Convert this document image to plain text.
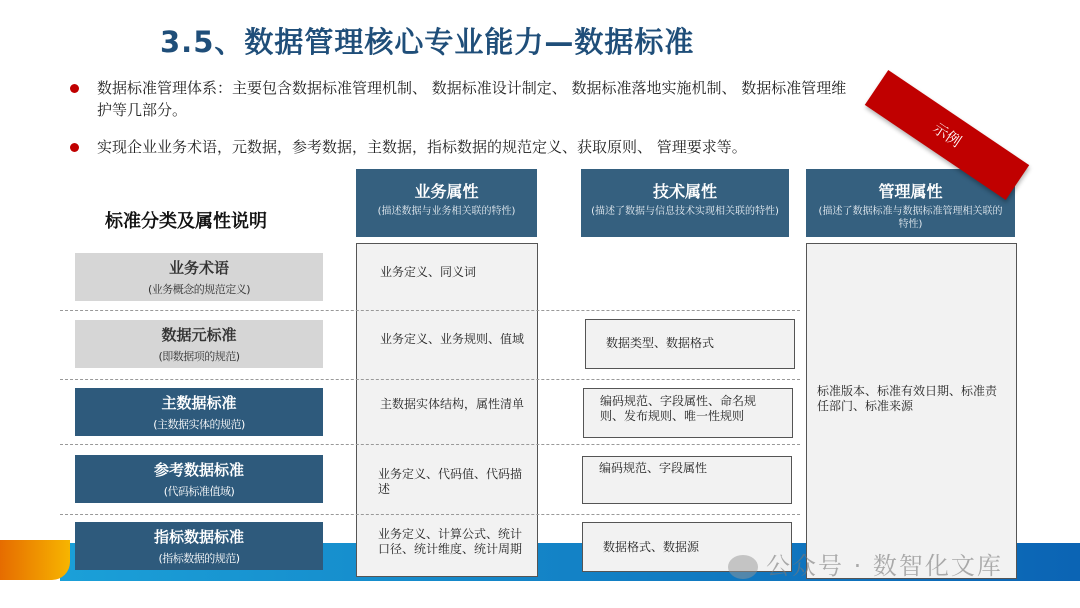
3.5、数据管理核心专业能力—数据标准
数据标准管理体系：主要包含数据标准管理机制、 数据标准设计制定、 数据标准落地实施机制、 数据标准管理维护等几部分。
实现企业业务术语，元数据，参考数据，主数据，指标数据的规范定义、获取原则、 管理要求等。
标准分类及属性说明
业务属性
(描述数据与业务相关联的特性)
技术属性
(描述了数据与信息技术实现相关联的特性)
管理属性
(描述了数据标准与数据标准管理相关联的特性)
业务术语
(业务概念的规范定义)
数据元标准
(即数据项的规范)
主数据标准
(主数据实体的规范)
参考数据标准
(代码标准值域)
指标数据标准
(指标数据的规范)
业务定义、同义词
业务定义、业务规则、值域
主数据实体结构，属性清单
业务定义、代码值、代码描述
业务定义、计算公式、统计口径、统计维度、统计周期
数据类型、数据格式
编码规范、字段属性、命名规则、发布规则、唯一性规则
编码规范、字段属性
数据格式、数据源
标准版本、标准有效日期、标准责任部门、标准来源
示例
公众号 · 数智化文库
